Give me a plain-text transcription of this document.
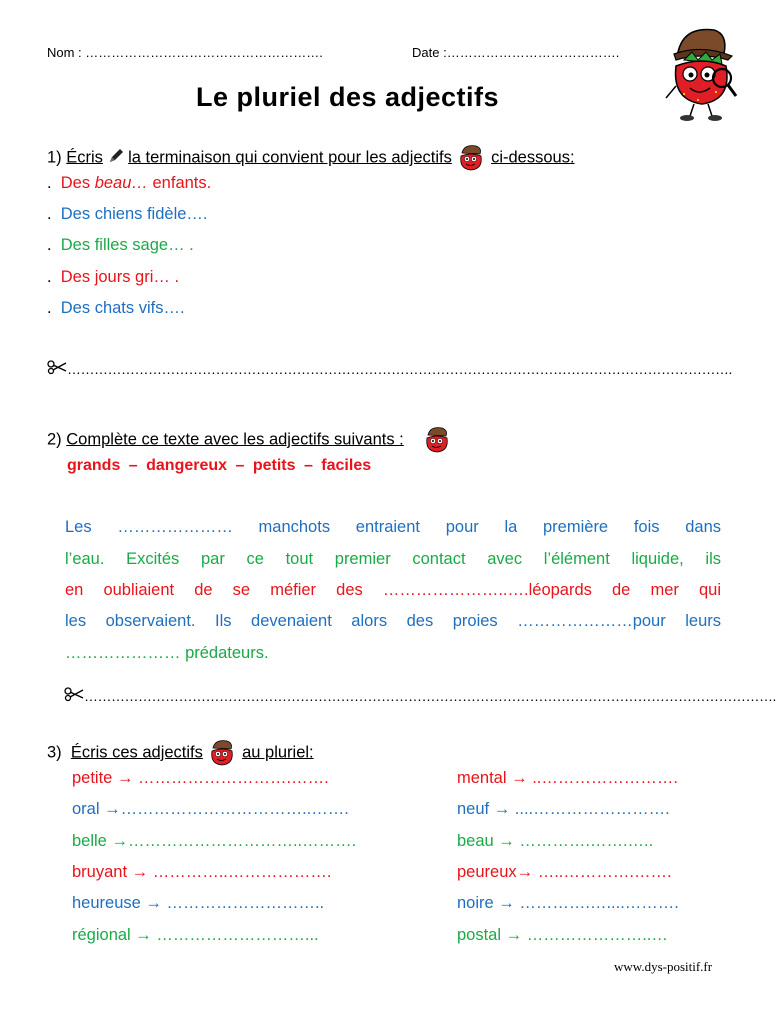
Nom : ……………………………………………….	Date :………………………………….
Le pluriel des adjectifs
1) Écris la terminaison qui convient pour les adjectifs ci-dessous:
. Des beau… enfants.
. Des chiens fidèle….
. Des filles sage… .
. Des jours gri… .
. Des chats vifs….
………………………………………………………………………………………………………………………………….
2) Complète ce texte avec les adjectifs suivants :
grands – dangereux – petits – faciles
Les ………………… manchots entraient pour la première fois dans
l’eau. Excités par ce tout premier contact avec l’élément liquide, ils
en oubliaient de se méfier des …………………..….léopards de mer qui
les observaient. Ils devenaient alors des proies …………………pour leurs
………………… prédateurs.
……………………………………………………………………………………………………………………………………….
3) Écris ces adjectifs au pluriel:
petite → ……………………….…….
oral →……………………………..…….
belle →…………………………..……….
bruyant → …………..……………….
heureuse → ………………………..
régional → ………………………...
mental → ..…………………….
neuf → ....…………………….
beau → ………….…….…..
peureux→ …..………….…….
noire → ………….…....……….
postal → …………………..…
www.dys-positif.fr
